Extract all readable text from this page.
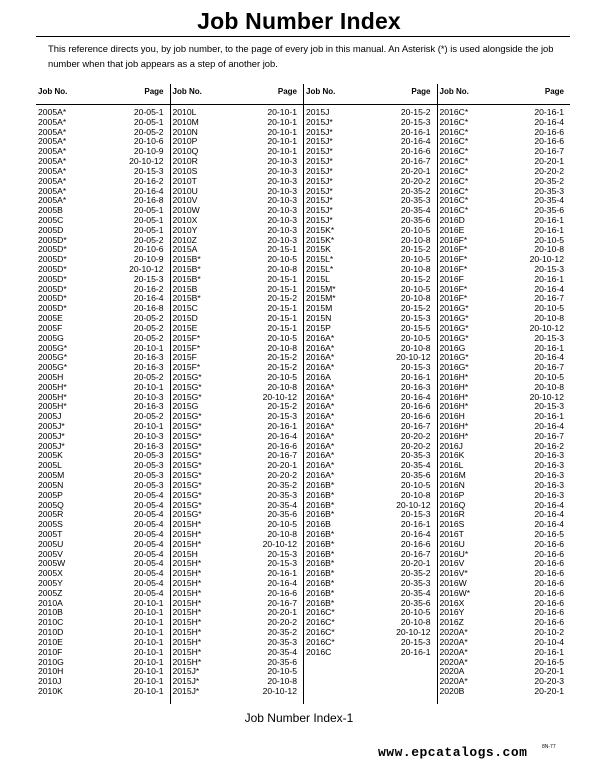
Job Number Index
This reference directs you, by job number, to the page of every job in this manual. An Asterisk (*) is used alongside the job number when that job appears as a step of another job.
Job No.	Page
2005A*	20-05-1
2005A*	20-05-1
2005A*	20-05-2
2005A*	20-10-6
2005A*	20-10-9
2005A*	20-10-12
2005A*	20-15-3
2005A*	20-16-2
2005A*	20-16-4
2005A*	20-16-8
2005B	20-05-1
2005C	20-05-1
2005D	20-05-1
2005D*	20-05-2
2005D*	20-10-6
2005D*	20-10-9
2005D*	20-10-12
2005D*	20-15-3
2005D*	20-16-2
2005D*	20-16-4
2005D*	20-16-8
2005E	20-05-2
2005F	20-05-2
2005G	20-05-2
2005G*	20-10-1
2005G*	20-16-3
2005G*	20-16-3
2005H	20-05-2
2005H*	20-10-1
2005H*	20-10-3
2005H*	20-16-3
2005J	20-05-2
2005J*	20-10-1
2005J*	20-10-3
2005J*	20-16-3
2005K	20-05-3
2005L	20-05-3
2005M	20-05-3
2005N	20-05-3
2005P	20-05-4
2005Q	20-05-4
2005R	20-05-4
2005S	20-05-4
2005T	20-05-4
2005U	20-05-4
2005V	20-05-4
2005W	20-05-4
2005X	20-05-4
2005Y	20-05-4
2005Z	20-05-4
2010A	20-10-1
2010B	20-10-1
2010C	20-10-1
2010D	20-10-1
2010E	20-10-1
2010F	20-10-1
2010G	20-10-1
2010H	20-10-1
2010J	20-10-1
2010K	20-10-1
Job No.	Page
2010L	20-10-1
2010M	20-10-1
2010N	20-10-1
2010P	20-10-1
2010Q	20-10-1
2010R	20-10-3
2010S	20-10-3
2010T	20-10-3
2010U	20-10-3
2010V	20-10-3
2010W	20-10-3
2010X	20-10-3
2010Y	20-10-3
2010Z	20-10-3
2015A	20-15-1
2015B*	20-10-5
2015B*	20-10-8
2015B*	20-15-1
2015B	20-15-1
2015B*	20-15-2
2015C	20-15-1
2015D	20-15-1
2015E	20-15-1
2015F*	20-10-5
2015F*	20-10-8
2015F	20-15-2
2015F*	20-15-2
2015G*	20-10-5
2015G*	20-10-8
2015G*	20-10-12
2015G	20-15-2
2015G*	20-15-3
2015G*	20-16-1
2015G*	20-16-4
2015G*	20-16-6
2015G*	20-16-7
2015G*	20-20-1
2015G*	20-20-2
2015G*	20-35-2
2015G*	20-35-3
2015G*	20-35-4
2015G*	20-35-6
2015H*	20-10-5
2015H*	20-10-8
2015H*	20-10-12
2015H	20-15-3
2015H*	20-15-3
2015H*	20-16-1
2015H*	20-16-4
2015H*	20-16-6
2015H*	20-16-7
2015H*	20-20-1
2015H*	20-20-2
2015H*	20-35-2
2015H*	20-35-3
2015H*	20-35-4
2015H*	20-35-6
2015J*	20-10-5
2015J*	20-10-8
2015J*	20-10-12
Job No.	Page
2015J	20-15-2
2015J*	20-15-3
2015J*	20-16-1
2015J*	20-16-4
2015J*	20-16-6
2015J*	20-16-7
2015J*	20-20-1
2015J*	20-20-2
2015J*	20-35-2
2015J*	20-35-3
2015J*	20-35-4
2015J*	20-35-6
2015K*	20-10-5
2015K*	20-10-8
2015K	20-15-2
2015L*	20-10-5
2015L*	20-10-8
2015L	20-15-2
2015M*	20-10-5
2015M*	20-10-8
2015M	20-15-2
2015N	20-15-3
2015P	20-15-5
2016A*	20-10-5
2016A*	20-10-8
2016A*	20-10-12
2016A*	20-15-3
2016A	20-16-1
2016A*	20-16-3
2016A*	20-16-4
2016A*	20-16-6
2016A*	20-16-6
2016A*	20-16-7
2016A*	20-20-2
2016A*	20-20-2
2016A*	20-35-3
2016A*	20-35-4
2016A*	20-35-6
2016B*	20-10-5
2016B*	20-10-8
2016B*	20-10-12
2016B*	20-15-3
2016B	20-16-1
2016B*	20-16-4
2016B*	20-16-6
2016B*	20-16-7
2016B*	20-20-1
2016B*	20-35-2
2016B*	20-35-3
2016B*	20-35-4
2016B*	20-35-6
2016C*	20-10-5
2016C*	20-10-8
2016C*	20-10-12
2016C*	20-15-3
2016C	20-16-1
Job No.	Page
2016C*	20-16-1
2016C*	20-16-4
2016C*	20-16-6
2016C*	20-16-6
2016C*	20-16-7
2016C*	20-20-1
2016C*	20-20-2
2016C*	20-35-2
2016C*	20-35-3
2016C*	20-35-4
2016C*	20-35-6
2016D	20-16-1
2016E	20-16-1
2016F*	20-10-5
2016F*	20-10-8
2016F*	20-10-12
2016F*	20-15-3
2016F	20-16-1
2016F*	20-16-4
2016F*	20-16-7
2016G*	20-10-5
2016G*	20-10-8
2016G*	20-10-12
2016G*	20-15-3
2016G	20-16-1
2016G*	20-16-4
2016G*	20-16-7
2016H*	20-10-5
2016H*	20-10-8
2016H*	20-10-12
2016H*	20-15-3
2016H	20-16-1
2016H*	20-16-4
2016H*	20-16-7
2016J	20-16-2
2016K	20-16-3
2016L	20-16-3
2016M	20-16-3
2016N	20-16-3
2016P	20-16-3
2016Q	20-16-4
2016R	20-16-4
2016S	20-16-4
2016T	20-16-5
2016U	20-16-6
2016U*	20-16-6
2016V	20-16-6
2016V*	20-16-6
2016W	20-16-6
2016W*	20-16-6
2016X	20-16-6
2016Y	20-16-6
2016Z	20-16-6
2020A*	20-10-2
2020A*	20-10-4
2020A*	20-16-1
2020A*	20-16-5
2020A	20-20-1
2020A*	20-20-3
2020B	20-20-1
Job Number Index-1
www.epcatalogs.com	8N-77
